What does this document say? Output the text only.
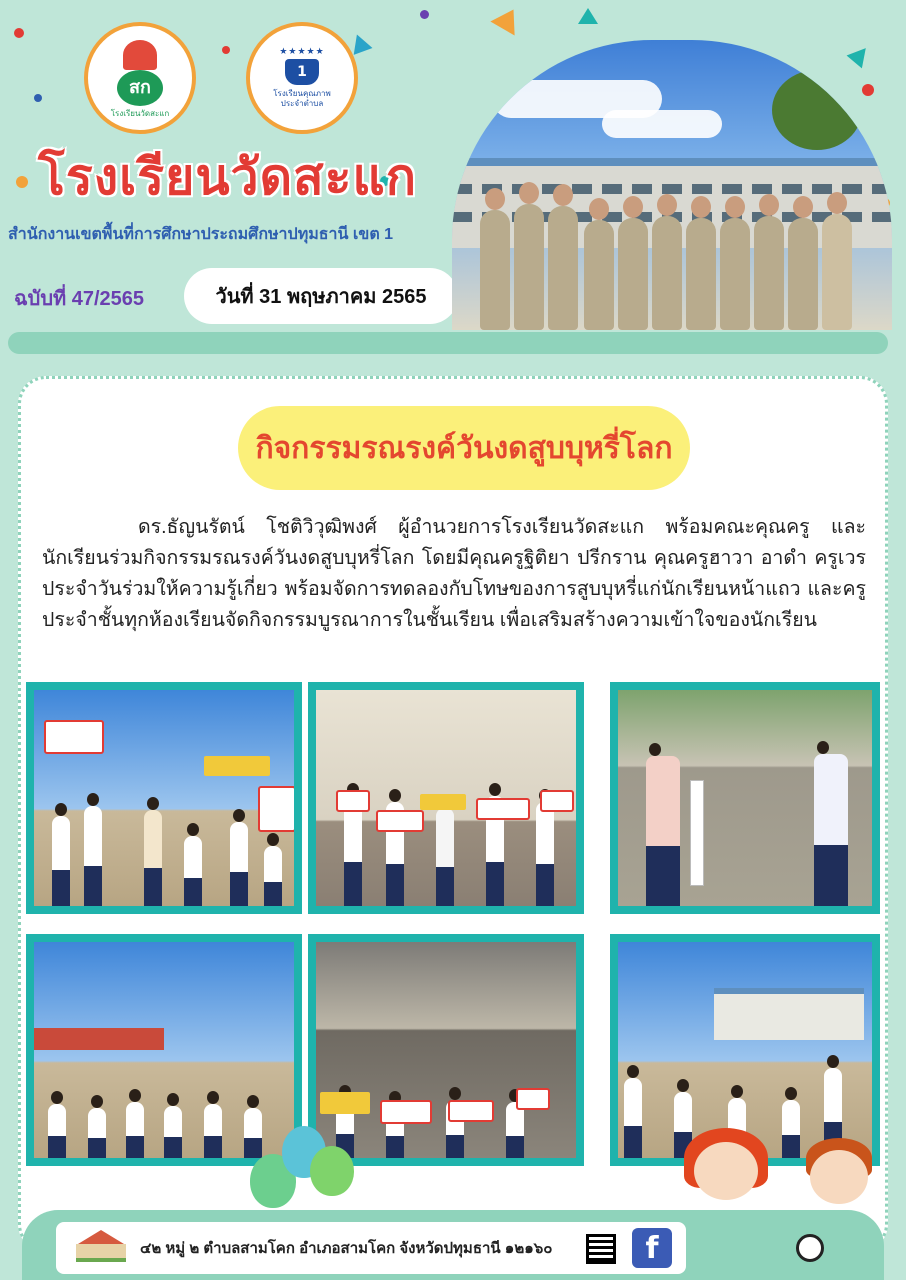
สก
โรงเรียนวัดสะแก
★★★★★
1
โรงเรียนคุณภาพ
ประจำตำบล
โรงเรียนวัดสะแก
สำนักงานเขตพื้นที่การศึกษาประถมศึกษาปทุมธานี เขต 1
ฉบับที่ 47/2565	วันที่ 31 พฤษภาคม 2565
กิจกรรมรณรงค์วันงดสูบบุหรี่โลก

ดร.ธัญนรัตน์ โชติวิวุฒิพงศ์ ผู้อำนวยการโรงเรียนวัดสะแก พร้อมคณะคุณครู และนักเรียนร่วมกิจกรรมรณรงค์วันงดสูบบุหรี่โลก โดยมีคุณครูฐิติยา ปรีกราน คุณครูฮาวา อาดำ ครูเวรประจำวันร่วมให้ความรู้เกี่ยว พร้อมจัดการทดลองกับโทษของการสูบบุหรี่แก่นักเรียนหน้าแถว และครูประจำชั้นทุกห้องเรียนจัดกิจกรรมบูรณาการในชั้นเรียน เพื่อเสริมสร้างความเข้าใจของนักเรียน

๔๒ หมู่ ๒ ตำบลสามโคก อำเภอสามโคก จังหวัดปทุมธานี ๑๒๑๖๐	f
